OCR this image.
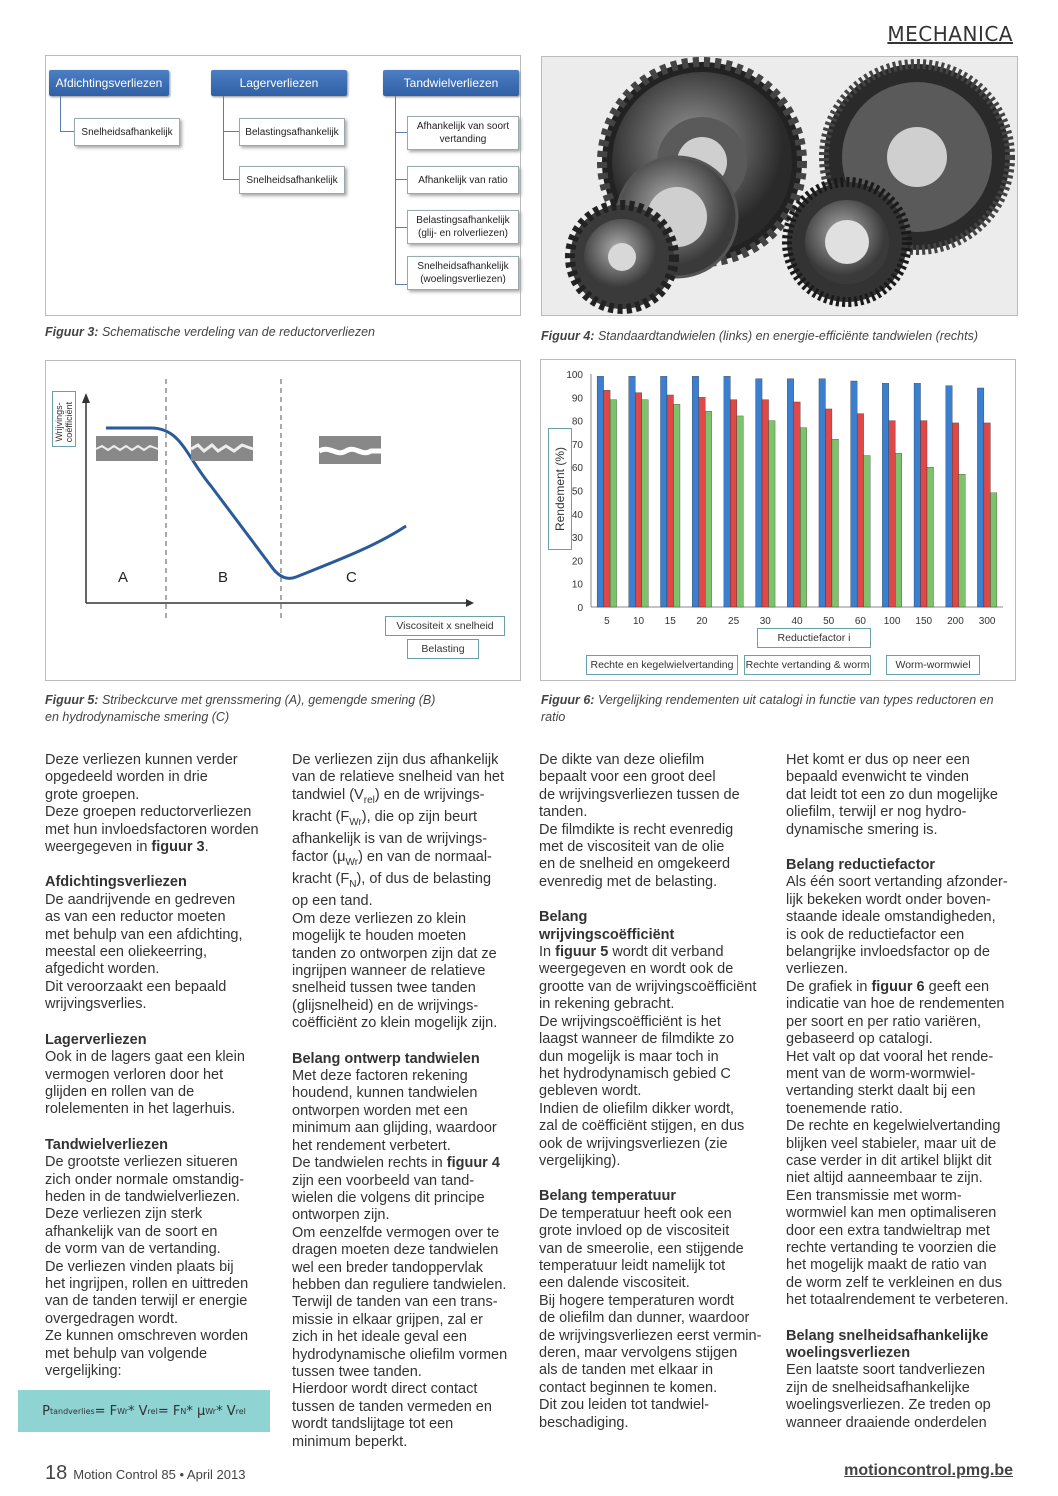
MECHANICA
Afdichtingsverliezen	Lagerverliezen	Tandwielverliezen
Snelheidsafhankelijk	Belastingsafhankelijk
Snelheidsafhankelijk
Afhankelijk van soort
vertanding
Afhankelijk van ratio
Belastingsafhankelijk
(glij- en rolverliezen)
Snelheidsafhankelijk
(woelingsverliezen)
Figuur 3: Schematische verdeling van de reductorverliezen	Figuur 4: Standaardtandwielen (links) en energie-efficiënte tandwielen (rechts)
A	B	C
Wrijvings- coëfficiënt
Viscositeit x snelheid
Belasting
Figuur 5: Stribeckcurve met grenssmering (A), gemengde smering (B)
en hydrodynamische smering (C)
0
10
20
30
40
50
60
70
80
90
100
5 10 15 20 25 30 40 50 60 100 150 200 300
Rendement (%)
Reductiefactor i
Rechte en kegelwielvertanding	Rechte vertanding & worm	Worm-wormwiel
Figuur 6: Vergelijking rendementen uit catalogi in functie van types reductoren en
ratio

Deze verliezen kunnen verder
opgedeeld worden in drie
grote groepen.
Deze groepen reductorverliezen
met hun invloedsfactoren worden
weergegeven in figuur 3.

Afdichtingsverliezen

De aandrijvende en gedreven
as van een reductor moeten
met behulp van een afdichting,
meestal een oliekeerring,
afgedicht worden.
Dit veroorzaakt een bepaald
wrijvingsverlies.

Lagerverliezen

Ook in de lagers gaat een klein
vermogen verloren door het
glijden en rollen van de
rolelementen in het lagerhuis.

Tandwielverliezen

De grootste verliezen situeren
zich onder normale omstandig-
heden in de tandwielverliezen.
Deze verliezen zijn sterk
afhankelijk van de soort en
de vorm van de vertanding.
De verliezen vinden plaats bij
het ingrijpen, rollen en uittreden
van de tanden terwijl er energie
overgedragen wordt.
Ze kunnen omschreven worden
met behulp van volgende
vergelijking:

P tandverlies = F Wr * V rel = F N * μ Wr * V rel

De verliezen zijn dus afhankelijk
van de relatieve snelheid van het
tandwiel $(V_{rel})$ en de wrijvings-
kracht $(F_{Wr})$, die op zijn beurt
afhankelijk is van de wrijvings-
factor $(\mu_{Wr})$ en van de normaal-
kracht $(F_N)$, of dus de belasting
op een tand.
Om deze verliezen zo klein
mogelijk te houden moeten
tanden zo ontworpen zijn dat ze
ingrijpen wanneer de relatieve
snelheid tussen twee tanden
(glijsnelheid) en de wrijvings-
coëfficiënt zo klein mogelijk zijn.

Belang ontwerp tandwielen

Met deze factoren rekening
houdend, kunnen tandwielen
ontworpen worden met een
minimum aan glijding, waardoor
het rendement verbetert.
De tandwielen rechts in figuur 4
zijn een voorbeeld van tand-
wielen die volgens dit principe
ontworpen zijn.
Om eenzelfde vermogen over te
dragen moeten deze tandwielen
wel een breder tandoppervlak
hebben dan reguliere tandwielen.
Terwijl de tanden van een trans-
missie in elkaar grijpen, zal er
zich in het ideale geval een
hydrodynamische oliefilm vormen
tussen twee tanden.
Hierdoor wordt direct contact
tussen de tanden vermeden en
wordt tandslijtage tot een
minimum beperkt.

De dikte van deze oliefilm
bepaalt voor een groot deel
de wrijvingsverliezen tussen de
tanden.
De filmdikte is recht evenredig
met de viscositeit van de olie
en de snelheid en omgekeerd
evenredig met de belasting.

Belang
wrijvingscoëfficiënt

In figuur 5 wordt dit verband
weergegeven en wordt ook de
grootte van de wrijvingscoëfficiënt
in rekening gebracht.
De wrijvingscoëfficiënt is het
laagst wanneer de filmdikte zo
dun mogelijk is maar toch in
het hydrodynamisch gebied C
gebleven wordt.
Indien de oliefilm dikker wordt,
zal de coëfficiënt stijgen, en dus
ook de wrijvingsverliezen (zie
vergelijking).

Belang temperatuur

De temperatuur heeft ook een
grote invloed op de viscositeit
van de smeerolie, een stijgende
temperatuur leidt namelijk tot
een dalende viscositeit.
Bij hogere temperaturen wordt
de oliefilm dan dunner, waardoor
de wrijvingsverliezen eerst vermin-
deren, maar vervolgens stijgen
als de tanden met elkaar in
contact beginnen te komen.
Dit zou leiden tot tandwiel-
beschadiging.

Het komt er dus op neer een
bepaald evenwicht te vinden
dat leidt tot een zo dun mogelijke
oliefilm, terwijl er nog hydro-
dynamische smering is.

Belang reductiefactor

Als één soort vertanding afzonder-
lijk bekeken wordt onder boven-
staande ideale omstandigheden,
is ook de reductiefactor een
belangrijke invloedsfactor op de
verliezen.
De grafiek in figuur 6 geeft een
indicatie van hoe de rendementen
per soort en per ratio variëren,
gebaseerd op catalogi.
Het valt op dat vooral het rende-
ment van de worm-wormwiel-
vertanding sterkt daalt bij een
toenemende ratio.
De rechte en kegelwielvertanding
blijken veel stabieler, maar uit de
case verder in dit artikel blijkt dit
niet altijd aanneembaar te zijn.
Een transmissie met worm-
wormwiel kan men optimaliseren
door een extra tandwieltrap met
rechte vertanding te voorzien die
het mogelijk maakt de ratio van
de worm zelf te verkleinen en dus
het totaalrendement te verbeteren.

Belang snelheidsafhankelijke
woelingsverliezen

Een laatste soort tandverliezen
zijn de snelheidsafhankelijke
woelingsverliezen. Ze treden op
wanneer draaiende onderdelen

18 Motion Control 85 • April 2013	motioncontrol.pmg.be
